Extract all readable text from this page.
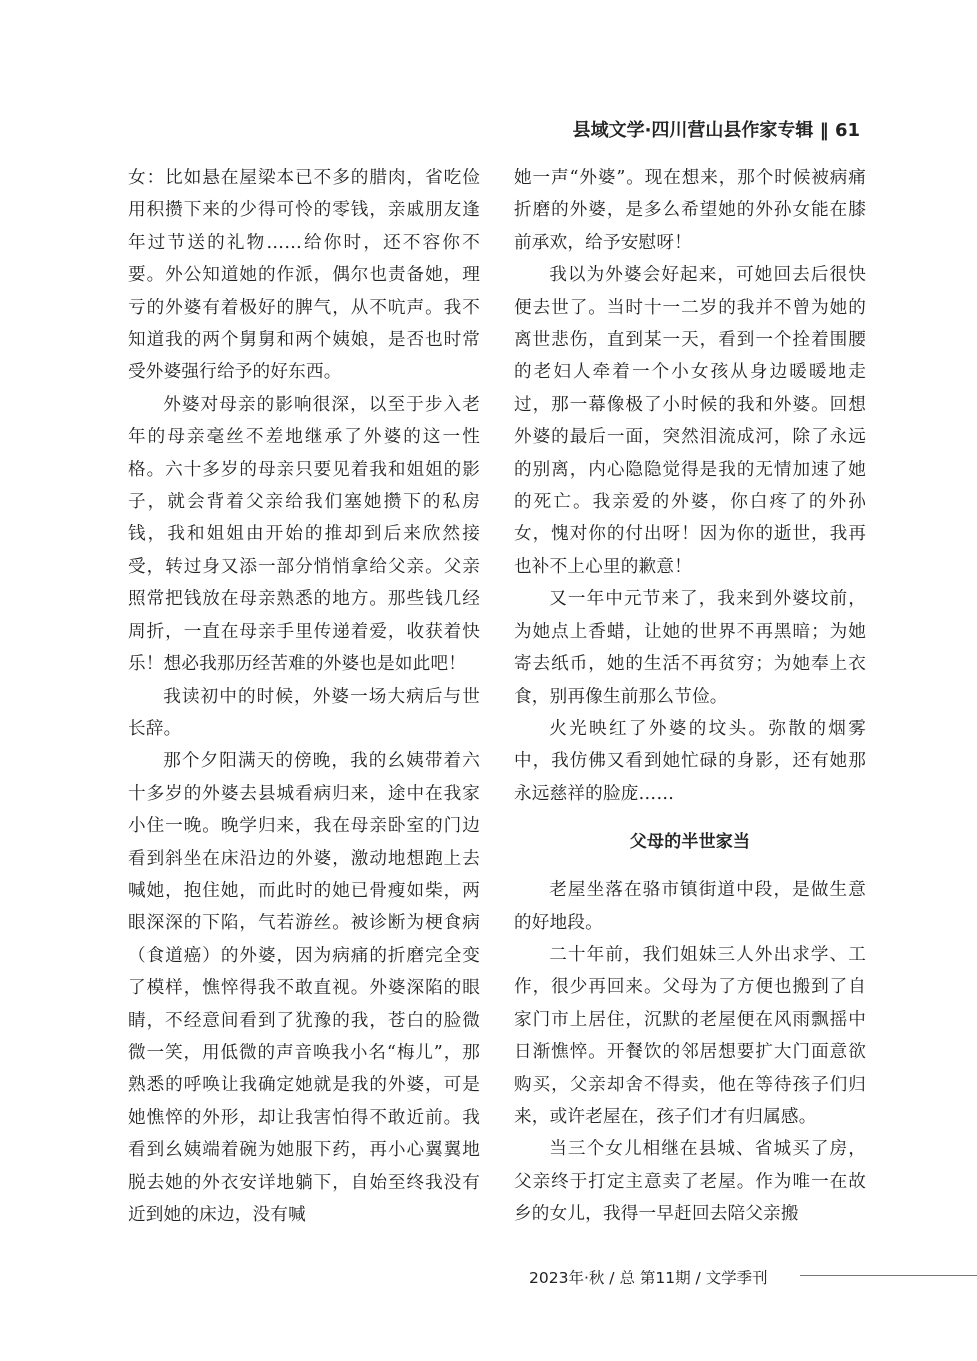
县域文学·四川营山县作家专辑 ‖ 61

女：比如悬在屋梁本已不多的腊肉，省吃俭用积攒下来的少得可怜的零钱，亲戚朋友逢年过节送的礼物……给你时，还不容你不要。外公知道她的作派，偶尔也责备她，理亏的外婆有着极好的脾气，从不吭声。我不知道我的两个舅舅和两个姨娘，是否也时常受外婆强行给予的好东西。

外婆对母亲的影响很深，以至于步入老年的母亲毫丝不差地继承了外婆的这一性格。六十多岁的母亲只要见着我和姐姐的影子，就会背着父亲给我们塞她攒下的私房钱，我和姐姐由开始的推却到后来欣然接受，转过身又添一部分悄悄拿给父亲。父亲照常把钱放在母亲熟悉的地方。那些钱几经周折，一直在母亲手里传递着爱，收获着快乐！想必我那历经苦难的外婆也是如此吧！

我读初中的时候，外婆一场大病后与世长辞。

那个夕阳满天的傍晚，我的幺姨带着六十多岁的外婆去县城看病归来，途中在我家小住一晚。晚学归来，我在母亲卧室的门边看到斜坐在床沿边的外婆，激动地想跑上去喊她，抱住她，而此时的她已骨瘦如柴，两眼深深的下陷，气若游丝。被诊断为梗食病（食道癌）的外婆，因为病痛的折磨完全变了模样，憔悴得我不敢直视。外婆深陷的眼睛，不经意间看到了犹豫的我，苍白的脸微微一笑，用低微的声音唤我小名“梅儿”，那熟悉的呼唤让我确定她就是我的外婆，可是她憔悴的外形，却让我害怕得不敢近前。我看到幺姨端着碗为她服下药，再小心翼翼地脱去她的外衣安详地躺下，自始至终我没有近到她的床边，没有喊

她一声“外婆”。现在想来，那个时候被病痛折磨的外婆，是多么希望她的外孙女能在膝前承欢，给予安慰呀！

我以为外婆会好起来，可她回去后很快便去世了。当时十一二岁的我并不曾为她的离世悲伤，直到某一天，看到一个拴着围腰的老妇人牵着一个小女孩从身边暖暖地走过，那一幕像极了小时候的我和外婆。回想外婆的最后一面，突然泪流成河，除了永远的别离，内心隐隐觉得是我的无情加速了她的死亡。我亲爱的外婆，你白疼了的外孙女，愧对你的付出呀！因为你的逝世，我再也补不上心里的歉意！

又一年中元节来了，我来到外婆坟前，为她点上香蜡，让她的世界不再黑暗；为她寄去纸币，她的生活不再贫穷；为她奉上衣食，别再像生前那么节俭。

火光映红了外婆的坟头。弥散的烟雾中，我仿佛又看到她忙碌的身影，还有她那永远慈祥的脸庞……

父母的半世家当

老屋坐落在骆市镇街道中段，是做生意的好地段。

二十年前，我们姐妹三人外出求学、工作，很少再回来。父母为了方便也搬到了自家门市上居住，沉默的老屋便在风雨飘摇中日渐憔悴。开餐饮的邻居想要扩大门面意欲购买，父亲却舍不得卖，他在等待孩子们归来，或许老屋在，孩子们才有归属感。

当三个女儿相继在县城、省城买了房，父亲终于打定主意卖了老屋。作为唯一在故乡的女儿，我得一早赶回去陪父亲搬

2023年·秋 / 总 第11期 / 文学季刊
